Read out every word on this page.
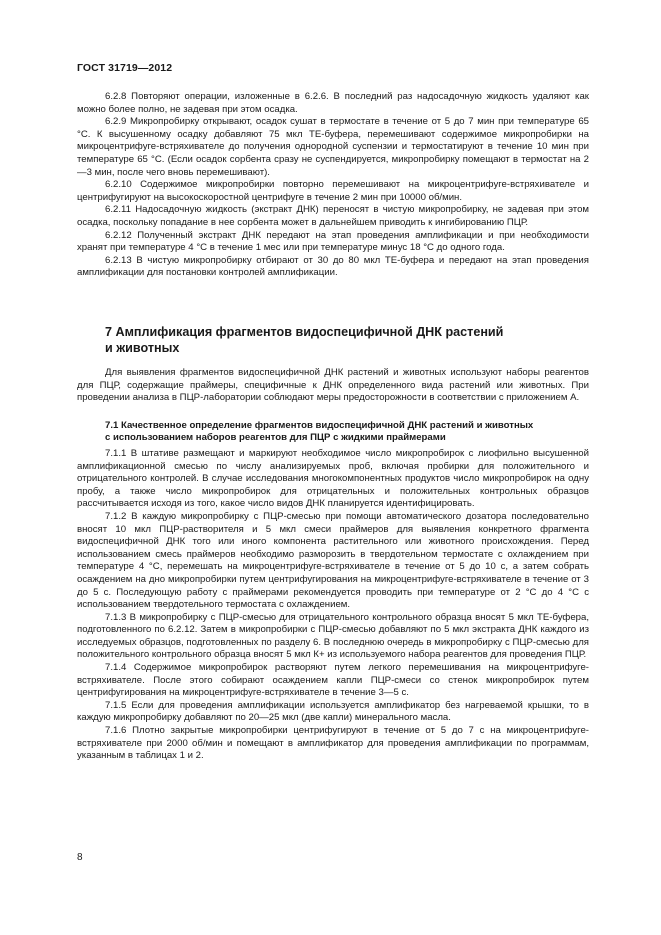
ГОСТ 31719—2012

6.2.8 Повторяют операции, изложенные в 6.2.6. В последний раз надосадочную жидкость удаляют как можно более полно, не задевая при этом осадка.

6.2.9 Микропробирку открывают, осадок сушат в термостате в течение от 5 до 7 мин при температуре 65 °С. К высушенному осадку добавляют 75 мкл ТЕ-буфера, перемешивают содержимое микропробирки на микроцентрифуге-встряхивателе до получения однородной суспензии и термостатируют в течение 10 мин при температуре 65 °С. (Если осадок сорбента сразу не суспендируется, микропробирку помещают в термостат на 2—3 мин, после чего вновь перемешивают).

6.2.10 Содержимое микропробирки повторно перемешивают на микроцентрифуге-встряхивателе и центрифугируют на высокоскоростной центрифуге в течение 2 мин при 10000 об/мин.

6.2.11 Надосадочную жидкость (экстракт ДНК) переносят в чистую микропробирку, не задевая при этом осадка, поскольку попадание в нее сорбента может в дальнейшем приводить к ингибированию ПЦР.

6.2.12 Полученный экстракт ДНК передают на этап проведения амплификации и при необходимости хранят при температуре 4 °С в течение 1 мес или при температуре минус 18 °С до одного года.

6.2.13 В чистую микропробирку отбирают от 30 до 80 мкл ТЕ-буфера и передают на этап проведения амплификации для постановки контролей амплификации.

7 Амплификация фрагментов видоспецифичной ДНК растений
и животных

Для выявления фрагментов видоспецифичной ДНК растений и животных используют наборы реагентов для ПЦР, содержащие праймеры, специфичные к ДНК определенного вида растений или животных. При проведении анализа в ПЦР-лаборатории соблюдают меры предосторожности в соответствии с приложением А.

7.1 Качественное определение фрагментов видоспецифичной ДНК растений и животных
с использованием наборов реагентов для ПЦР с жидкими праймерами

7.1.1 В штативе размещают и маркируют необходимое число микропробирок с лиофильно высушенной амплификационной смесью по числу анализируемых проб, включая пробирки для положительного и отрицательного контролей. В случае исследования многокомпонентных продуктов число микропробирок на одну пробу, а также число микропробирок для отрицательных и положительных контрольных образцов рассчитывается исходя из того, какое число видов ДНК планируется идентифицировать.

7.1.2 В каждую микропробирку с ПЦР-смесью при помощи автоматического дозатора последовательно вносят 10 мкл ПЦР-растворителя и 5 мкл смеси праймеров для выявления конкретного фрагмента видоспецифичной ДНК того или иного компонента растительного или животного происхождения. Перед использованием смесь праймеров необходимо разморозить в твердотельном термостате с охлаждением при температуре 4 °С, перемешать на микроцентрифуге-встряхивателе в течение от 5 до 10 с, а затем собрать осаждением на дно микропробирки путем центрифугирования на микроцентрифуге-встряхивателе в течение от 3 до 5 с. Последующую работу с праймерами рекомендуется проводить при температуре от 2 °С до 4 °С с использованием твердотельного термостата с охлаждением.

7.1.3 В микропробирку с ПЦР-смесью для отрицательного контрольного образца вносят 5 мкл ТЕ-буфера, подготовленного по 6.2.12. Затем в микропробирки с ПЦР-смесью добавляют по 5 мкл экстракта ДНК каждого из исследуемых образцов, подготовленных по разделу 6. В последнюю очередь в микропробирку с ПЦР-смесью для положительного контрольного образца вносят 5 мкл К+ из используемого набора реагентов для проведения ПЦР.

7.1.4 Содержимое микропробирок растворяют путем легкого перемешивания на микроцентрифуге-встряхивателе. После этого собирают осаждением капли ПЦР-смеси со стенок микропробирок путем центрифугирования на микроцентрифуге-встряхивателе в течение 3—5 с.

7.1.5 Если для проведения амплификации используется амплификатор без нагреваемой крышки, то в каждую микропробирку добавляют по 20—25 мкл (две капли) минерального масла.

7.1.6 Плотно закрытые микропробирки центрифугируют в течение от 5 до 7 с на микроцентрифуге-встряхивателе при 2000 об/мин и помещают в амплификатор для проведения амплификации по программам, указанным в таблицах 1 и 2.

8
